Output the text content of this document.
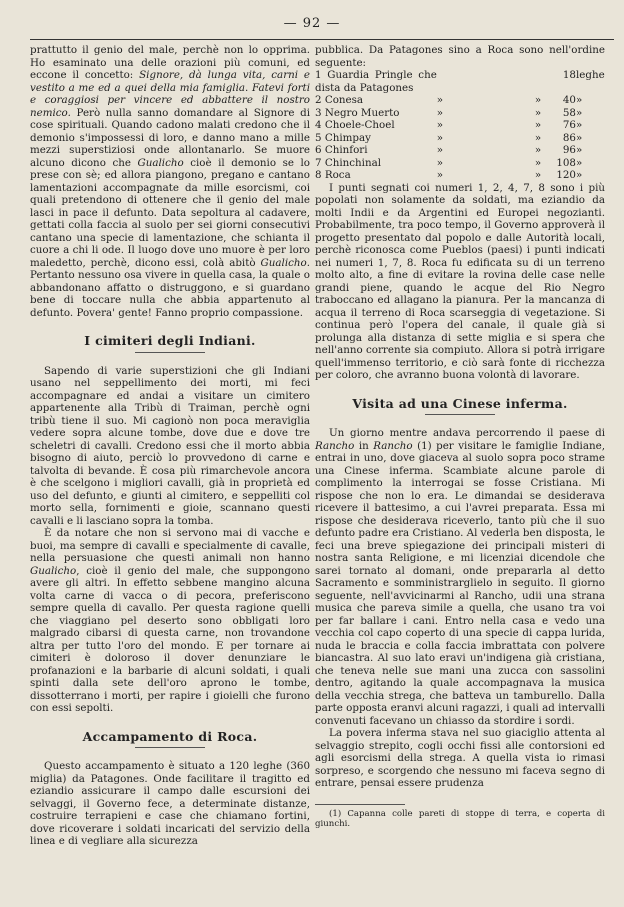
— 92 —

prattutto il genio del male, perchè non lo opprima. Ho esaminato una delle orazioni più comuni, ed eccone il concetto: Signore, dà lunga vita, carni e vestito a me ed a quei della mia famiglia. Fatevi forti e coraggiosi per vincere ed abbattere il nostro nemico. Però nulla sanno domandare al Signore di cose spirituali. Quando cadono malati credono che il demonio s'impossessi di loro, e danno mano a mille mezzi superstiziosi onde allontanarlo. Se muore alcuno dicono che Gualicho cioè il demonio se lo prese con sè; ed allora piangono, pregano e cantano lamentazioni accompagnate da mille esorcismi, coi quali pretendono di ottenere che il genio del male lasci in pace il defunto. Data sepoltura al cadavere, gettati colla faccia al suolo per sei giorni consecutivi cantano una specie di lamentazione, che schianta il cuore a chi li ode. Il luogo dove uno muore è per loro maledetto, perchè, dicono essi, colà abitò Gualicho. Pertanto nessuno osa vivere in quella casa, la quale o abbandonano affatto o distruggono, e si guardano bene di toccare nulla che abbia appartenuto al defunto. Povera' gente! Fanno proprio compassione.

I cimiteri degli Indiani.

Sapendo di varie superstizioni che gli Indiani usano nel seppellimento dei morti, mi feci accompagnare ed andai a visitare un cimitero appartenente alla Tribù di Traiman, perchè ogni tribù tiene il suo. Mi cagionò non poca meraviglia vedere sopra alcune tombe, dove due e dove tre scheletri di cavalli. Credono essi che il morto abbia bisogno di aiuto, perciò lo provvedono di carne e talvolta di bevande. È cosa più rimarchevole ancora è che scelgono i migliori cavalli, già in proprietà ed uso del defunto, e giunti al cimitero, e seppelliti col morto sella, fornimenti e gioie, scannano questi cavalli e li lasciano sopra la tomba.

È da notare che non si servono mai di vacche e buoi, ma sempre di cavalli e specialmente di cavalle, nella persuasione che questi animali non hanno Gualicho, cioè il genio del male, che suppongono avere gli altri. In effetto sebbene mangino alcuna volta carne di vacca o di pecora, preferiscono sempre quella di cavallo. Per questa ragione quelli che viaggiano pel deserto sono obbligati loro malgrado cibarsi di questa carne, non trovandone altra per tutto l'oro del mondo. E per tornare ai cimiteri è doloroso il dover denunziare le profanazioni e la barbarie di alcuni soldati, i quali spinti dalla sete dell'oro aprono le tombe, dissotterrano i morti, per rapire i gioielli che furono con essi sepolti.

Accampamento di Roca.

Questo accampamento è situato a 120 leghe (360 miglia) da Patagones. Onde facilitare il tragitto ed eziandio assicurare il campo dalle escursioni dei selvaggi, il Governo fece, a determinate distanze, costruire terrapieni e case che chiamano fortini, dove ricoverare i soldati incaricati del servizio della linea e di vegliare alla sicurezza

pubblica. Da Patagones sino a Roca sono nell'ordine seguente:

1 Guardia Pringle che dista da Patagones			18	leghe
2 Conesa	»	»	40	»
3 Negro Muerto	»	»	58	»
4 Choele-Choel	»	»	76	»
5 Chimpay	»	»	86	»
6 Chinfori	»	»	96	»
7 Chinchinal	»	»	108	»
8 Roca	»	»	120	»

I punti segnati coi numeri 1, 2, 4, 7, 8 sono i più popolati non solamente da soldati, ma eziandio da molti Indii e da Argentini ed Europei negozianti. Probabilmente, tra poco tempo, il Governo approverà il progetto presentato dal popolo e dalle Autorità locali, perchè riconosca come Pueblos (paesi) i punti indicati nei numeri 1, 7, 8. Roca fu edificata su di un terreno molto alto, a fine di evitare la rovina delle case nelle grandi piene, quando le acque del Rio Negro traboccano ed allagano la pianura. Per la mancanza di acqua il terreno di Roca scarseggia di vegetazione. Si continua però l'opera del canale, il quale già si prolunga alla distanza di sette miglia e si spera che nell'anno corrente sia compiuto. Allora si potrà irrigare quell'immenso territorio, e ciò sarà fonte di ricchezza per coloro, che avranno buona volontà di lavorare.

Visita ad una Cinese inferma.

Un giorno mentre andava percorrendo il paese di Rancho in Rancho (1) per visitare le famiglie Indiane, entrai in uno, dove giaceva al suolo sopra poco strame una Cinese inferma. Scambiate alcune parole di complimento la interrogai se fosse Cristiana. Mi rispose che non lo era. Le dimandai se desiderava ricevere il battesimo, a cui l'avrei preparata. Essa mi rispose che desiderava riceverlo, tanto più che il suo defunto padre era Cristiano. Al vederla ben disposta, le feci una breve spiegazione dei principali misteri di nostra santa Religione, e mi licenziai dicendole che sarei tornato al domani, onde prepararla al detto Sacramento e somministrarglielo in seguito. Il giorno seguente, nell'avvicinarmi al Rancho, udii una strana musica che pareva simile a quella, che usano tra voi per far ballare i cani. Entro nella casa e vedo una vecchia col capo coperto di una specie di cappa lurida, nuda le braccia e colla faccia imbrattata con polvere biancastra. Al suo lato eravi un'indigena già cristiana, che teneva nelle sue mani una zucca con sassolini dentro, agitando la quale accompagnava la musica della vecchia strega, che batteva un tamburello. Dalla parte opposta eranvi alcuni ragazzi, i quali ad intervalli convenuti facevano un chiasso da stordire i sordi.

La povera inferma stava nel suo giaciglio attenta al selvaggio strepito, cogli occhi fissi alle contorsioni ed agli esorcismi della strega. A quella vista io rimasi sorpreso, e scorgendo che nessuno mi faceva segno di entrare, pensai essere prudenza

(1) Capanna colle pareti di stoppe di terra, e coperta di giunchi.
